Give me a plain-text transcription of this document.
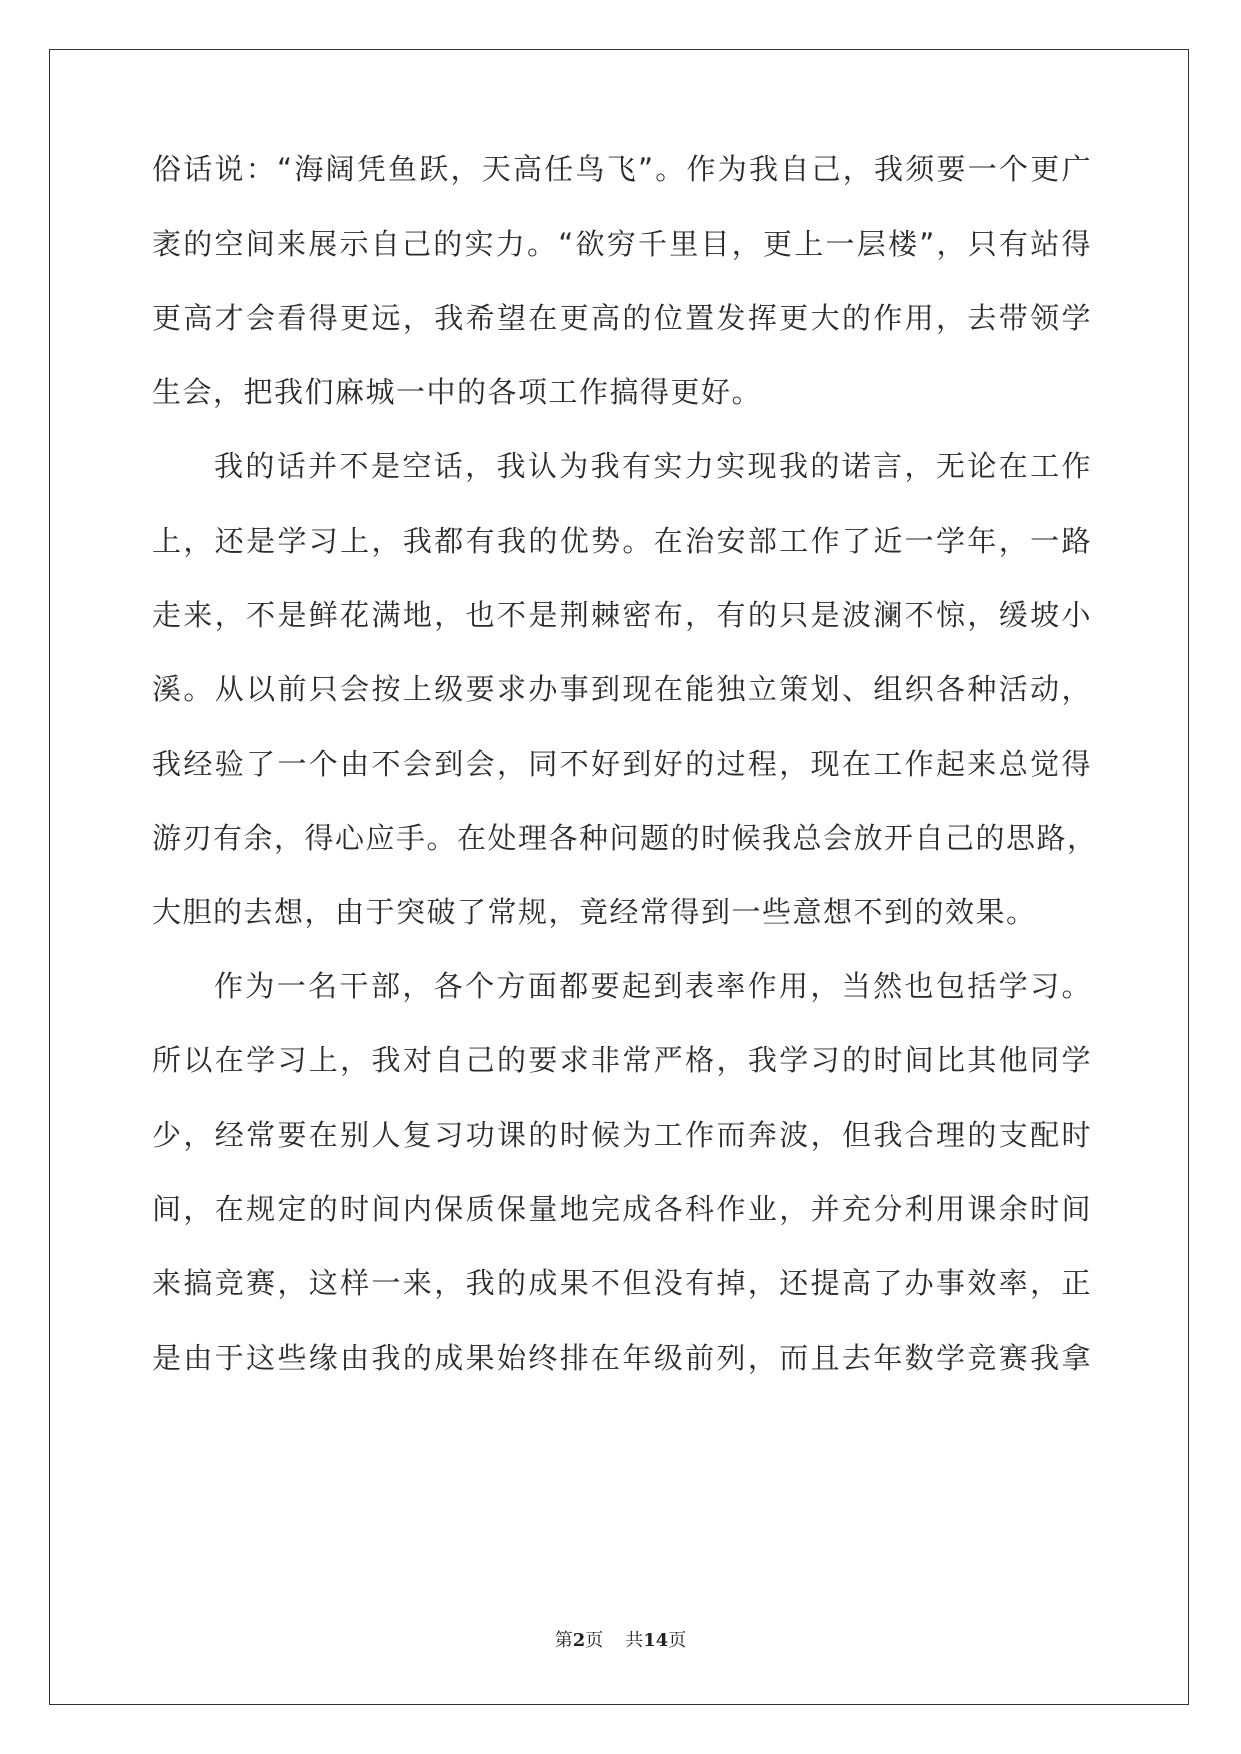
俗话说：“海阔凭鱼跃，天高任鸟飞”。作为我自己，我须要一个更广
袤的空间来展示自己的实力。“欲穷千里目，更上一层楼”，只有站得
更高才会看得更远，我希望在更高的位置发挥更大的作用，去带领学
生会，把我们麻城一中的各项工作搞得更好。
我的话并不是空话，我认为我有实力实现我的诺言，无论在工作
上，还是学习上，我都有我的优势。在治安部工作了近一学年，一路
走来，不是鲜花满地，也不是荆棘密布，有的只是波澜不惊，缓坡小
溪。从以前只会按上级要求办事到现在能独立策划、组织各种活动，
我经验了一个由不会到会，同不好到好的过程，现在工作起来总觉得
游刃有余，得心应手。在处理各种问题的时候我总会放开自己的思路，
大胆的去想，由于突破了常规，竟经常得到一些意想不到的效果。
作为一名干部，各个方面都要起到表率作用，当然也包括学习。
所以在学习上，我对自己的要求非常严格，我学习的时间比其他同学
少，经常要在别人复习功课的时候为工作而奔波，但我合理的支配时
间，在规定的时间内保质保量地完成各科作业，并充分利用课余时间
来搞竞赛，这样一来，我的成果不但没有掉，还提高了办事效率，正
是由于这些缘由我的成果始终排在年级前列，而且去年数学竞赛我拿
第2页 共14页
